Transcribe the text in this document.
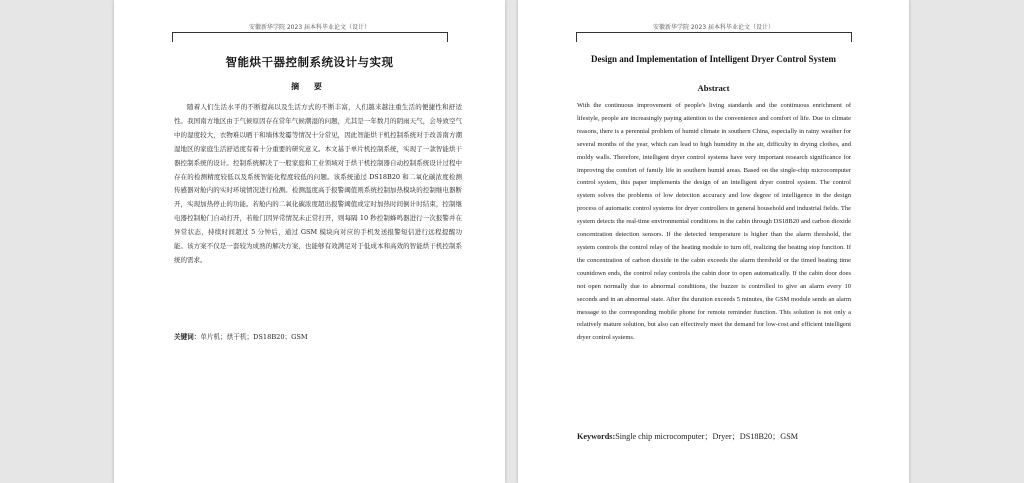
安徽新华学院 2023 届本科毕业论文（设计）
智能烘干器控制系统设计与实现
摘 要
随着人们生活水平的不断提高以及生活方式的不断丰富，人们越来越注重生活的便捷性和舒适性。我国南方地区由于气候原因存在常年气候潮湿的问题，尤其是一年数月的阴雨天气，会导致空气中的湿度较大，衣物难以晒干和墙体发霉等情况十分常见，因此智能烘干机控制系统对于改善南方潮湿地区的家庭生活舒适度有着十分重要的研究意义。本文基于单片机控制系统，实现了一款智能烘干器控制系统的设计。控制系统解决了一般家庭和工业领域对于烘干机控制器自动控制系统设计过程中存在的检测精度较低以及系统智能化程度较低的问题。该系统通过 DS18B20 和二氧化碳浓度检测传感器对舱内的实时环境情况进行检测。检测温度高于报警阈值则系统控制加热模块的控制继电器断开，实现加热停止的功能。若舱内的二氧化碳浓度超出报警阈值或定时加热时间倒计时结束，控制继电器控制舱门自动打开，若舱门因异常情况未正常打开，则每隔 10 秒控制蜂鸣器进行一次报警并在异常状态，持续时间超过 5 分钟后，通过 GSM 模块向对应的手机发送报警短信进行远程提醒功能。该方案不仅是一套较为成熟的解决方案，也能够有效满足对于低成本和高效的智能烘干机控制系统的需求。
关键词：单片机；烘干机；DS18B20；GSM
安徽新华学院 2023 届本科毕业论文（设计）
Design and Implementation of Intelligent Dryer Control System
Abstract
With the continuous improvement of people's living standards and the continuous enrichment of lifestyle, people are increasingly paying attention to the convenience and comfort of life. Due to climate reasons, there is a perennial problem of humid climate in southern China, especially in rainy weather for several months of the year, which can lead to high humidity in the air, difficulty in drying clothes, and moldy walls. Therefore, intelligent dryer control systems have very important research significance for improving the comfort of family life in southern humid areas. Based on the single-chip microcomputer control system, this paper implements the design of an intelligent dryer control system. The control system solves the problems of low detection accuracy and low degree of intelligence in the design process of automatic control systems for dryer controllers in general household and industrial fields. The system detects the real-time environmental conditions in the cabin through DS18B20 and carbon dioxide concentration detection sensors. If the detected temperature is higher than the alarm threshold, the system controls the control relay of the heating module to turn off, realizing the heating stop function. If the concentration of carbon dioxide in the cabin exceeds the alarm threshold or the timed heating time countdown ends, the control relay controls the cabin door to open automatically. If the cabin door does not open normally due to abnormal conditions, the buzzer is controlled to give an alarm every 10 seconds and in an abnormal state. After the duration exceeds 5 minutes, the GSM module sends an alarm message to the corresponding mobile phone for remote reminder function. This solution is not only a relatively mature solution, but also can effectively meet the demand for low-cost and efficient intelligent dryer control systems.
Keywords:Single chip microcomputer；Dryer；DS18B20；GSM
